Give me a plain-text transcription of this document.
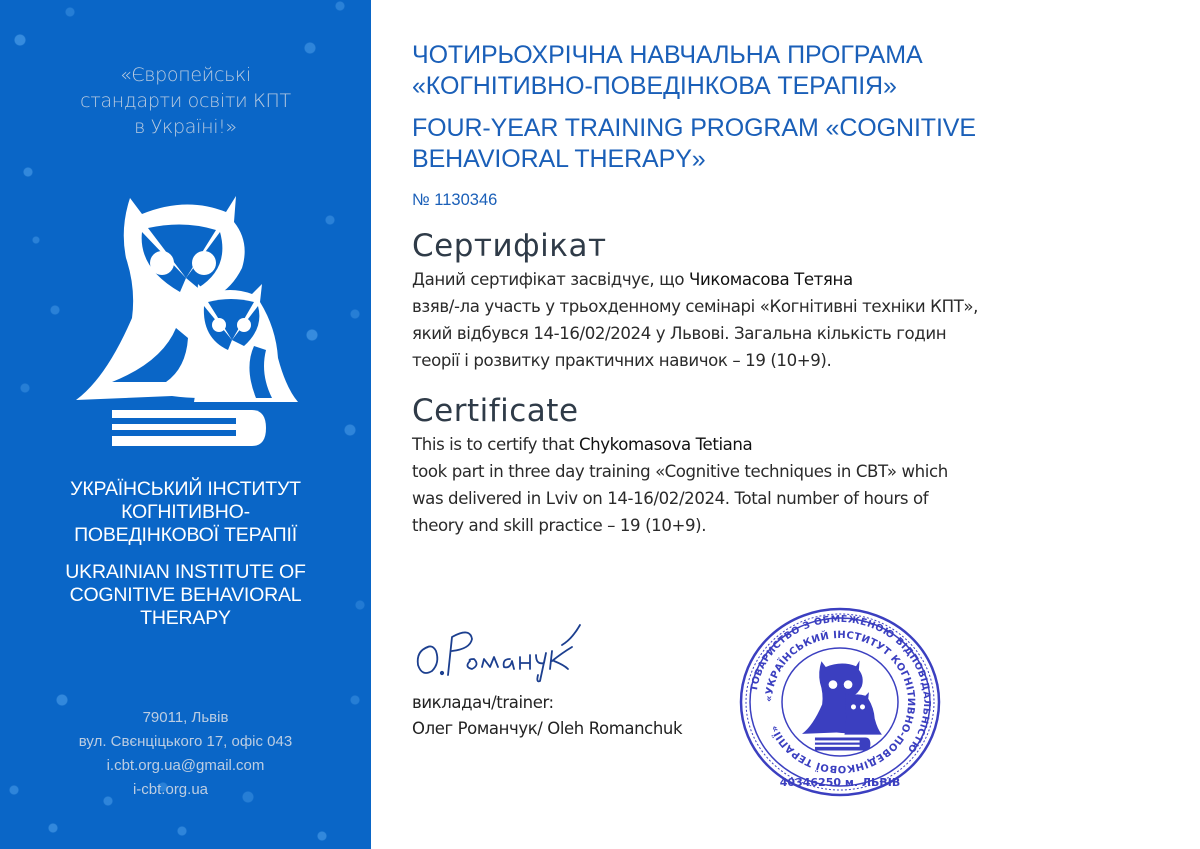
«Європейські
стандарти освіти КПТ
в Україні!»
УКРАЇНСЬКИЙ ІНСТИТУТ
КОГНІТИВНО-
ПОВЕДІНКОВОЇ ТЕРАПІЇ
UKRAINIAN INSTITUTE OF
COGNITIVE BEHAVIORAL
THERAPY
79011, Львів
вул. Свєнціцького 17, офіс 043
i.cbt.org.ua@gmail.com
i-cbt.org.ua
ЧОТИРЬОХРІЧНА НАВЧАЛЬНА ПРОГРАМА
«КОГНІТИВНО-ПОВЕДІНКОВА ТЕРАПІЯ»
FOUR-YEAR TRAINING PROGRAM «COGNITIVE
BEHAVIORAL THERAPY»
№ 1130346
Сертифікат
Даний сертифікат засвідчує, що Чикомасова Тетяна
взяв/-ла участь у трьохденному семінарі «Когнітивні техніки КПТ»,
який відбувся 14-16/02/2024 у Львові. Загальна кількість годин
теорії і розвитку практичних навичок – 19 (10+9).
Certificate
This is to certify that Chykomasova Tetiana
took part in three day training «Cognitive techniques in CBT» which
was delivered in Lviv on 14-16/02/2024. Total number of hours of
theory and skill practice – 19 (10+9).
викладач/trainer:
Олег Романчук/ Oleh Romanchuk
ТОВАРИСТВО З ОБМЕЖЕНОЮ ВІДПОВІДАЛЬНІСТЮ
«УКРАЇНСЬКИЙ ІНСТИТУТ КОГНІТИВНО-ПОВЕДІНКОВОЇ ТЕРАПІЇ»
40346250 м. ЛЬВІВ
